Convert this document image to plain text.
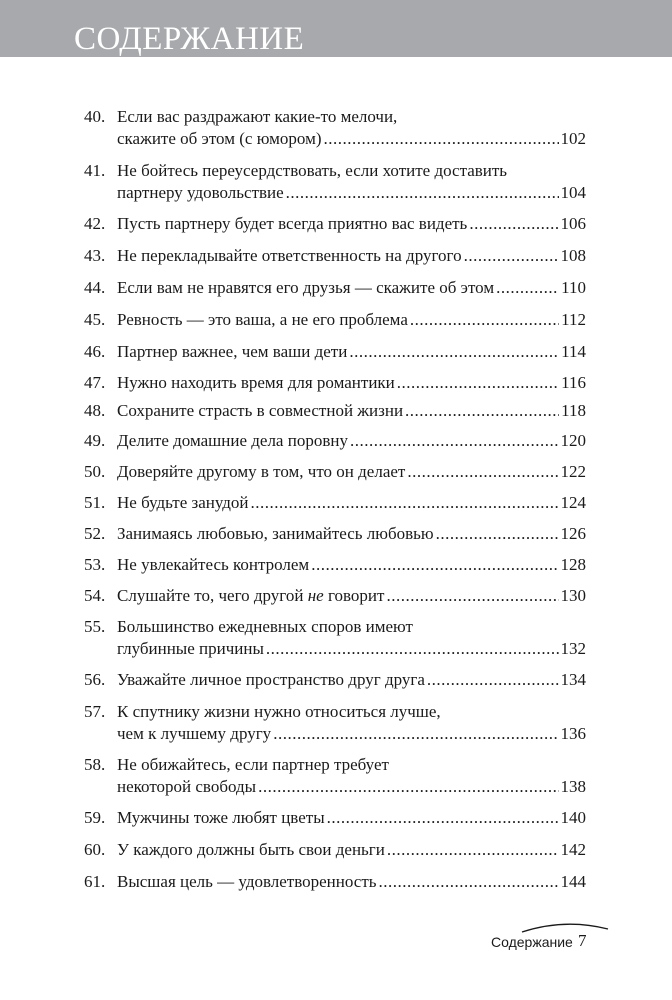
СОДЕРЖАНИЕ
40. Если вас раздражают какие-то мелочи,
скажите об этом (с юмором) .....	102
41. Не бойтесь переусердствовать, если хотите доставить
партнеру удовольствие .....	104
42. Пусть партнеру будет всегда приятно вас видеть .....	106
43. Не перекладывайте ответственность на другого .....	108
44. Если вам не нравятся его друзья — скажите об этом .....	110
45. Ревность — это ваша, а не его проблема .....	112
46. Партнер важнее, чем ваши дети .....	114
47. Нужно находить время для романтики .....	116
48. Сохраните страсть в совместной жизни .....	118
49. Делите домашние дела поровну .....	120
50. Доверяйте другому в том, что он делает .....	122
51. Не будьте занудой .....	124
52. Занимаясь любовью, занимайтесь любовью .....	126
53. Не увлекайтесь контролем .....	128
54. Слушайте то, чего другой не говорит .....	130
55. Большинство ежедневных споров имеют
глубинные причины .....	132
56. Уважайте личное пространство друг друга .....	134
57. К спутнику жизни нужно относиться лучше,
чем к лучшему другу .....	136
58. Не обижайтесь, если партнер требует
некоторой свободы .....	138
59. Мужчины тоже любят цветы .....	140
60. У каждого должны быть свои деньги .....	142
61. Высшая цель — удовлетворенность .....	144
Содержание 7
